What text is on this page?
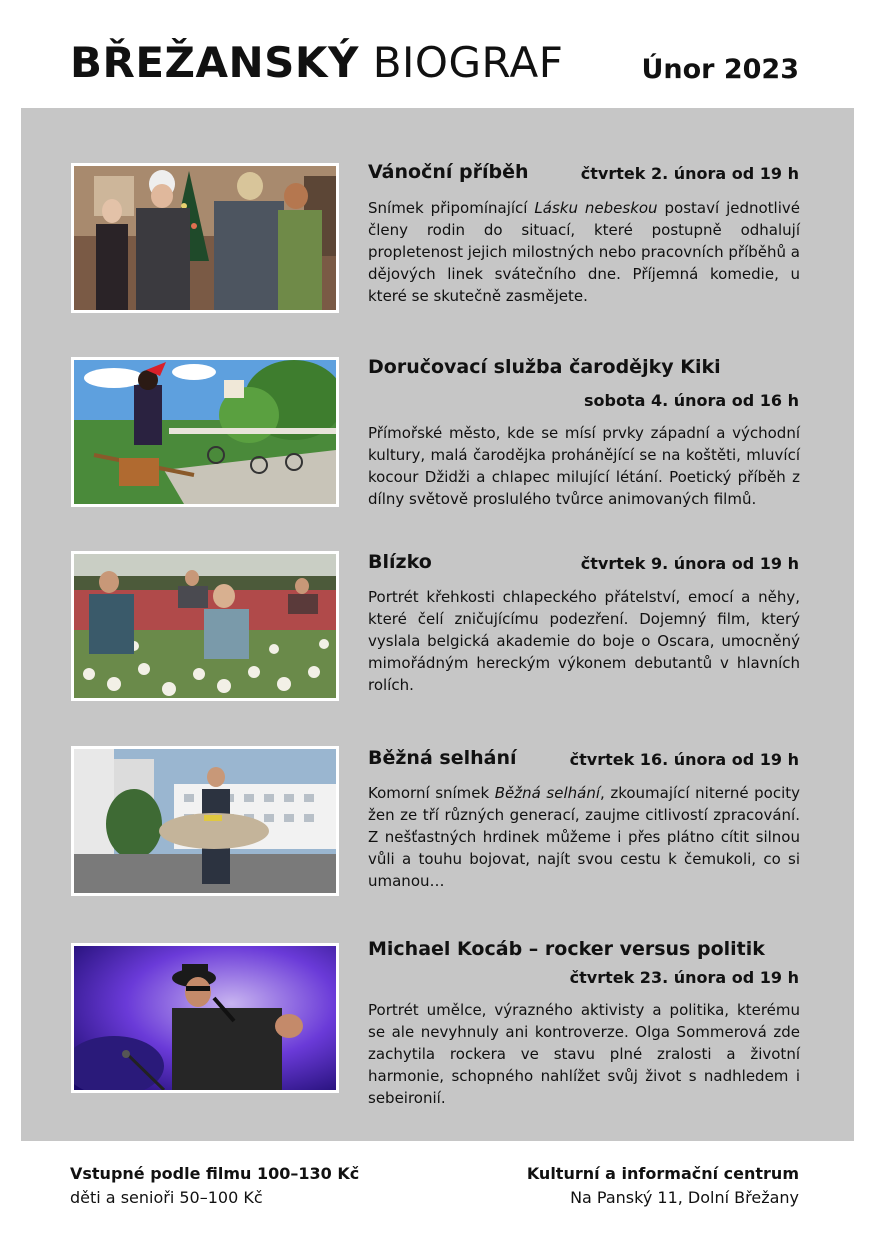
BŘEŽANSKÝ BIOGRAF	Únor 2023
Vánoční příběh	čtvrtek 2. února od 19 h
Snímek připomínající Lásku nebeskou postaví jednotlivé členy rodin do situací, které postupně odhalují propletenost jejich milostných nebo pracovních příběhů a dějových linek svátečního dne. Příjemná komedie, u které se skutečně zasmějete.
Doručovací služba čarodějky Kiki
sobota 4. února od 16 h
Přímořské město, kde se mísí prvky západní a východní kultury, malá čarodějka prohánějící se na koštěti, mluvící kocour Džidži a chlapec milující létání. Poetický příběh z dílny světově proslulého tvůrce animovaných filmů.
Blízko	čtvrtek 9. února od 19 h
Portrét křehkosti chlapeckého přátelství, emocí a něhy, které čelí zničujícímu podezření. Dojemný film, který vyslala belgická akademie do boje o Oscara, umocněný mimořádným hereckým výkonem debutantů v hlavních rolích.
Běžná selhání	čtvrtek 16. února od 19 h
Komorní snímek Běžná selhání, zkoumající niterné pocity žen ze tří různých generací, zaujme citlivostí zpracování. Z nešťastných hrdinek můžeme i přes plátno cítit silnou vůli a touhu bojovat, najít svou cestu k čemukoli, co si umanou…
Michael Kocáb – rocker versus politik
čtvrtek 23. února od 19 h
Portrét umělce, výrazného aktivisty a politika, kterému se ale nevyhnuly ani kontroverze. Olga Sommerová zde zachytila rockera ve stavu plné zralosti a životní harmonie, schopného nahlížet svůj život s nadhledem i sebeironií.
Vstupné podle filmu 100–130 Kč
děti a senioři 50–100 Kč
Kulturní a informační centrum
Na Panský 11, Dolní Břežany
